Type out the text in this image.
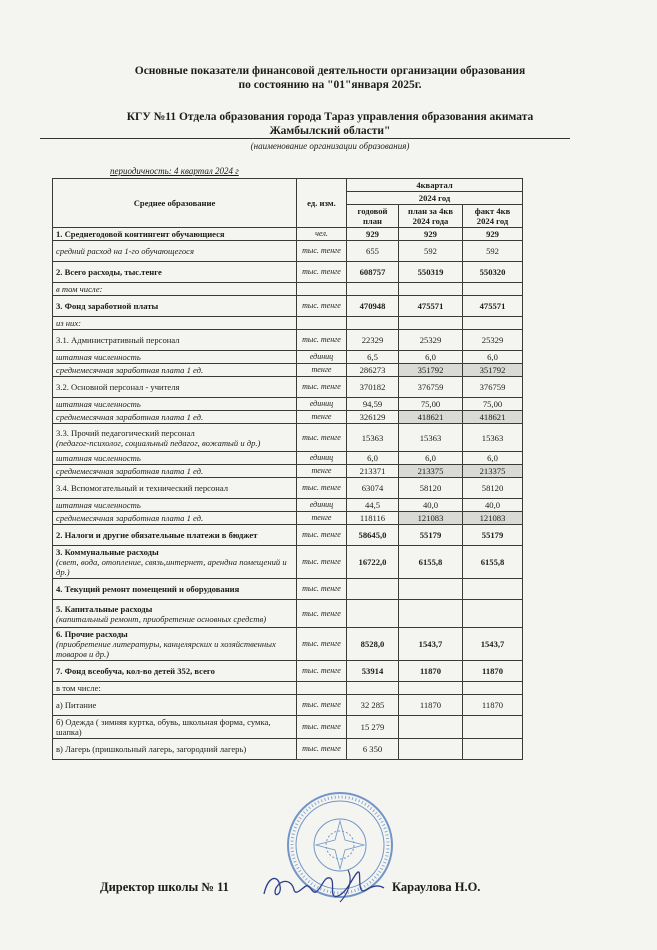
Основные показатели финансовой деятельности организации образования
по состоянию на "01"января 2025г.
КГУ №11 Отдела образования города Тараз управления образования акимата
Жамбылский области"
(наименование организации образования)
периодичность: 4 квартал 2024 г
Среднее образование	ед. изм.	4квартал			
		2024 год			
		годовой план	план за 4кв 2024 года	факт 4кв 2024 год	
1. Среднегодовой контингент обучающиеся	чел.	929	929	929	
средний расход на 1-го обучающегося	тыс. тенге	655	592	592	
2. Всего расходы, тыс.тенге	тыс. тенге	608757	550319	550320	
в том числе:					
3. Фонд заработной платы	тыс. тенге	470948	475571	475571	
из них:					
3.1. Административный персонал	тыс. тенге	22329	25329	25329	
штатная численность	единиц	6,5	6,0	6,0	
среднемесячная заработная плата 1 ед.	тенге	286273	351792	351792	
3.2. Основной персонал - учителя	тыс. тенге	370182	376759	376759	
штатная численность	единиц	94,59	75,00	75,00	
среднемесячная заработная плата 1 ед.	тенге	326129	418621	418621	
3.3. Прочий педагогический персонал
(педагог-психолог, социальный педагог, вожатый и др.)	тыс. тенге	15363	15363	15363	
штатная численность	единиц	6,0	6,0	6,0	
среднемесячная заработная плата 1 ед.	тенге	213371	213375	213375	
3.4. Вспомогательный и технический персонал	тыс. тенге	63074	58120	58120	
штатная численность	единиц	44,5	40,0	40,0	
среднемесячная заработная плата 1 ед.	тенге	118116	121083	121083	
2. Налоги и другие обязательные платежи в бюджет	тыс. тенге	58645,0	55179	55179	
3. Коммунальные расходы
(свет, вода, отопление, связь,интернет, арендна помещений и др.)	тыс. тенге	16722,0	6155,8	6155,8	
4. Текущий ремонт помещений и оборудования	тыс. тенге				
5. Капитальные расходы
(капитальный ремонт, приобретение основных средств)	тыс. тенге				
6. Прочие расходы
(приобретение литературы, канцелярских и хозяйственных товаров и др.)	тыс. тенге	8528,0	1543,7	1543,7	
7. Фонд всеобуча, кол-во детей 352, всего	тыс. тенге	53914	11870	11870	
в том числе:					
а) Питание	тыс. тенге	32 285	11870	11870	
б) Одежда ( зимняя куртка, обувь, школьная форма, сумка, шапка)	тыс. тенге	15 279			
в) Лагерь (пришкольный лагерь, загородний лагерь)	тыс. тенге	6 350			
Директор школы № 11	Караулова Н.О.
